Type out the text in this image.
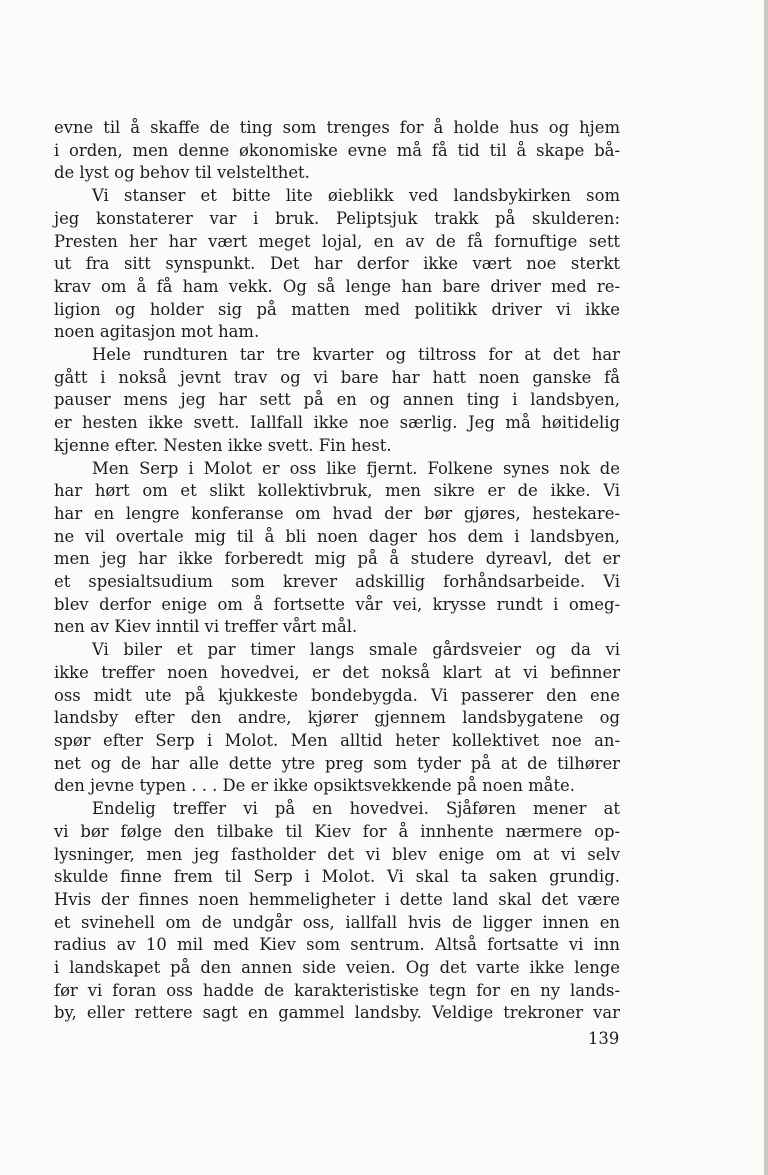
evne til å skaffe de ting som trenges for å holde hus og hjem
i orden, men denne økonomiske evne må få tid til å skape bå-
de lyst og behov til velstelthet.

Vi stanser et bitte lite øieblikk ved landsbykirken som
jeg konstaterer var i bruk. Peliptsjuk trakk på skulderen:
Presten her har vært meget lojal, en av de få fornuftige sett
ut fra sitt synspunkt. Det har derfor ikke vært noe sterkt
krav om å få ham vekk. Og så lenge han bare driver med re-
ligion og holder sig på matten med politikk driver vi ikke
noen agitasjon mot ham.

Hele rundturen tar tre kvarter og tiltross for at det har
gått i nokså jevnt trav og vi bare har hatt noen ganske få
pauser mens jeg har sett på en og annen ting i landsbyen,
er hesten ikke svett. Iallfall ikke noe særlig. Jeg må høitidelig
kjenne efter. Nesten ikke svett. Fin hest.

Men Serp i Molot er oss like fjernt. Folkene synes nok de
har hørt om et slikt kollektivbruk, men sikre er de ikke. Vi
har en lengre konferanse om hvad der bør gjøres, hestekare-
ne vil overtale mig til å bli noen dager hos dem i landsbyen,
men jeg har ikke forberedt mig på å studere dyreavl, det er
et spesialtsudium som krever adskillig forhåndsarbeide. Vi
blev derfor enige om å fortsette vår vei, krysse rundt i omeg-
nen av Kiev inntil vi treffer vårt mål.

Vi biler et par timer langs smale gårdsveier og da vi
ikke treffer noen hovedvei, er det nokså klart at vi befinner
oss midt ute på kjukkeste bondebygda. Vi passerer den ene
landsby efter den andre, kjører gjennem landsbygatene og
spør efter Serp i Molot. Men alltid heter kollektivet noe an-
net og de har alle dette ytre preg som tyder på at de tilhører
den jevne typen . . . De er ikke opsiktsvekkende på noen måte.

Endelig treffer vi på en hovedvei. Sjåføren mener at
vi bør følge den tilbake til Kiev for å innhente nærmere op-
lysninger, men jeg fastholder det vi blev enige om at vi selv
skulde finne frem til Serp i Molot. Vi skal ta saken grundig.
Hvis der finnes noen hemmeligheter i dette land skal det være
et svinehell om de undgår oss, iallfall hvis de ligger innen en
radius av 10 mil med Kiev som sentrum. Altså fortsatte vi inn
i landskapet på den annen side veien. Og det varte ikke lenge
før vi foran oss hadde de karakteristiske tegn for en ny lands-
by, eller rettere sagt en gammel landsby. Veldige trekroner var

139
